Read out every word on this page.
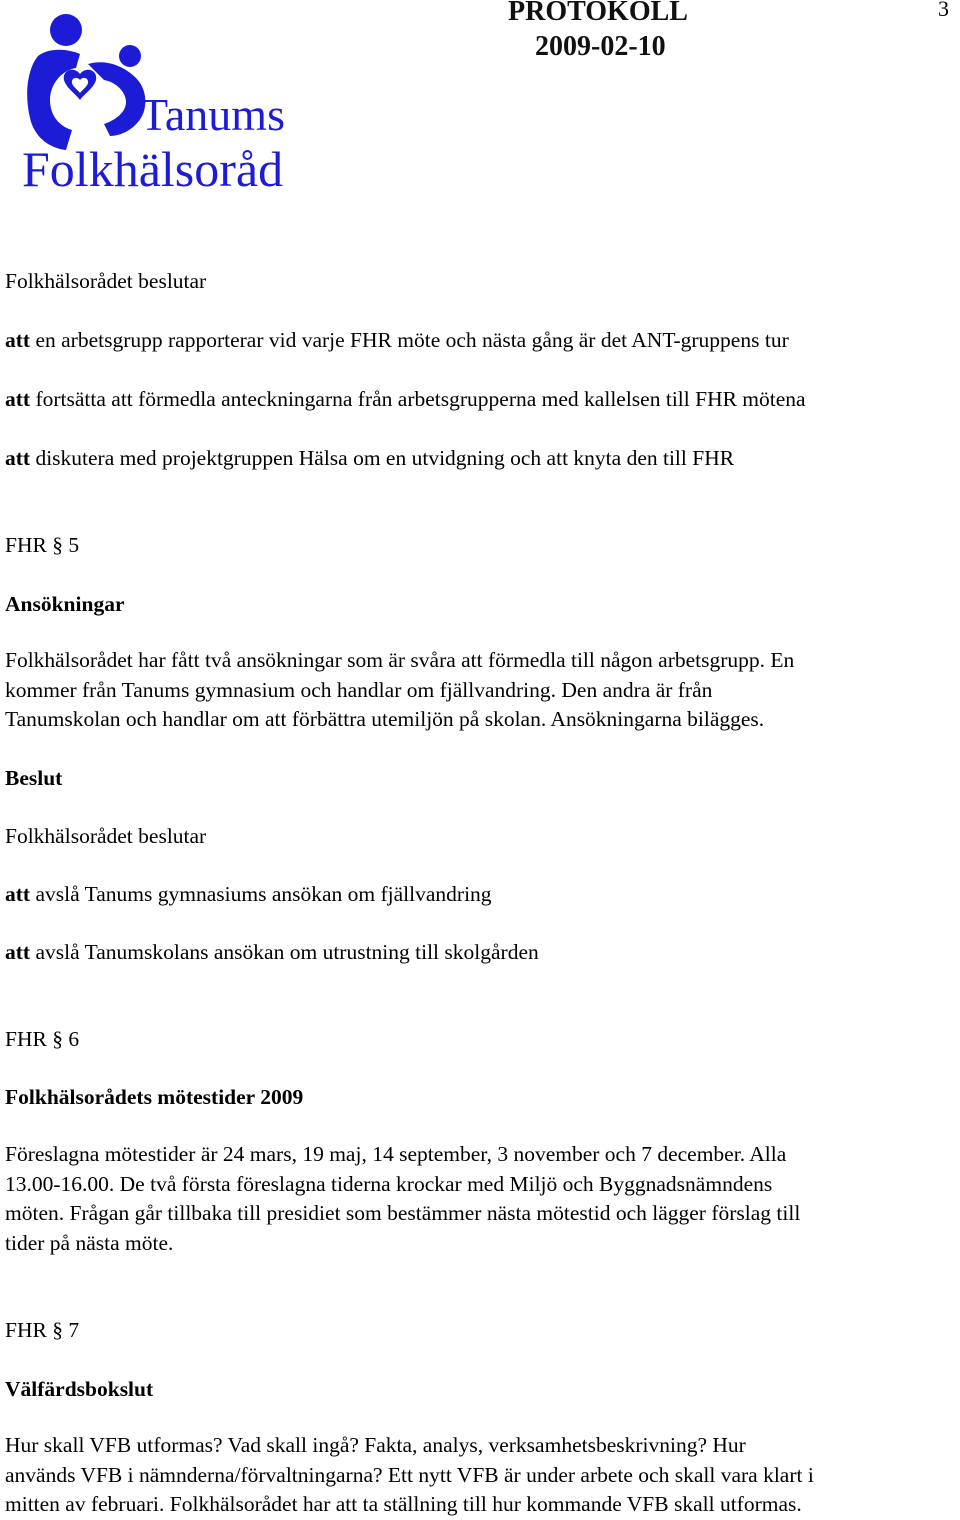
Tanums
Folkhälsoråd
PROTOKOLL
2009-02-10
3
Folkhälsorådet beslutar
att en arbetsgrupp rapporterar vid varje FHR möte och nästa gång är det ANT-gruppens tur
att fortsätta att förmedla anteckningarna från arbetsgrupperna med kallelsen till FHR mötena
att diskutera med projektgruppen Hälsa om en utvidgning och att knyta den till FHR
FHR § 5
Ansökningar
Folkhälsorådet har fått två ansökningar som är svåra att förmedla till någon arbetsgrupp. En
kommer från Tanums gymnasium och handlar om fjällvandring. Den andra är från
Tanumskolan och handlar om att förbättra utemiljön på skolan. Ansökningarna bilägges.
Beslut
Folkhälsorådet beslutar
att avslå Tanums gymnasiums ansökan om fjällvandring
att avslå Tanumskolans ansökan om utrustning till skolgården
FHR § 6
Folkhälsorådets mötestider 2009
Föreslagna mötestider är 24 mars, 19 maj, 14 september, 3 november och 7 december. Alla
13.00-16.00. De två första föreslagna tiderna krockar med Miljö och Byggnadsnämndens
möten. Frågan går tillbaka till presidiet som bestämmer nästa mötestid och lägger förslag till
tider på nästa möte.
FHR § 7
Välfärdsbokslut
Hur skall VFB utformas? Vad skall ingå? Fakta, analys, verksamhetsbeskrivning? Hur
används VFB i nämnderna/förvaltningarna? Ett nytt VFB är under arbete och skall vara klart i
mitten av februari. Folkhälsorådet har att ta ställning till hur kommande VFB skall utformas.
